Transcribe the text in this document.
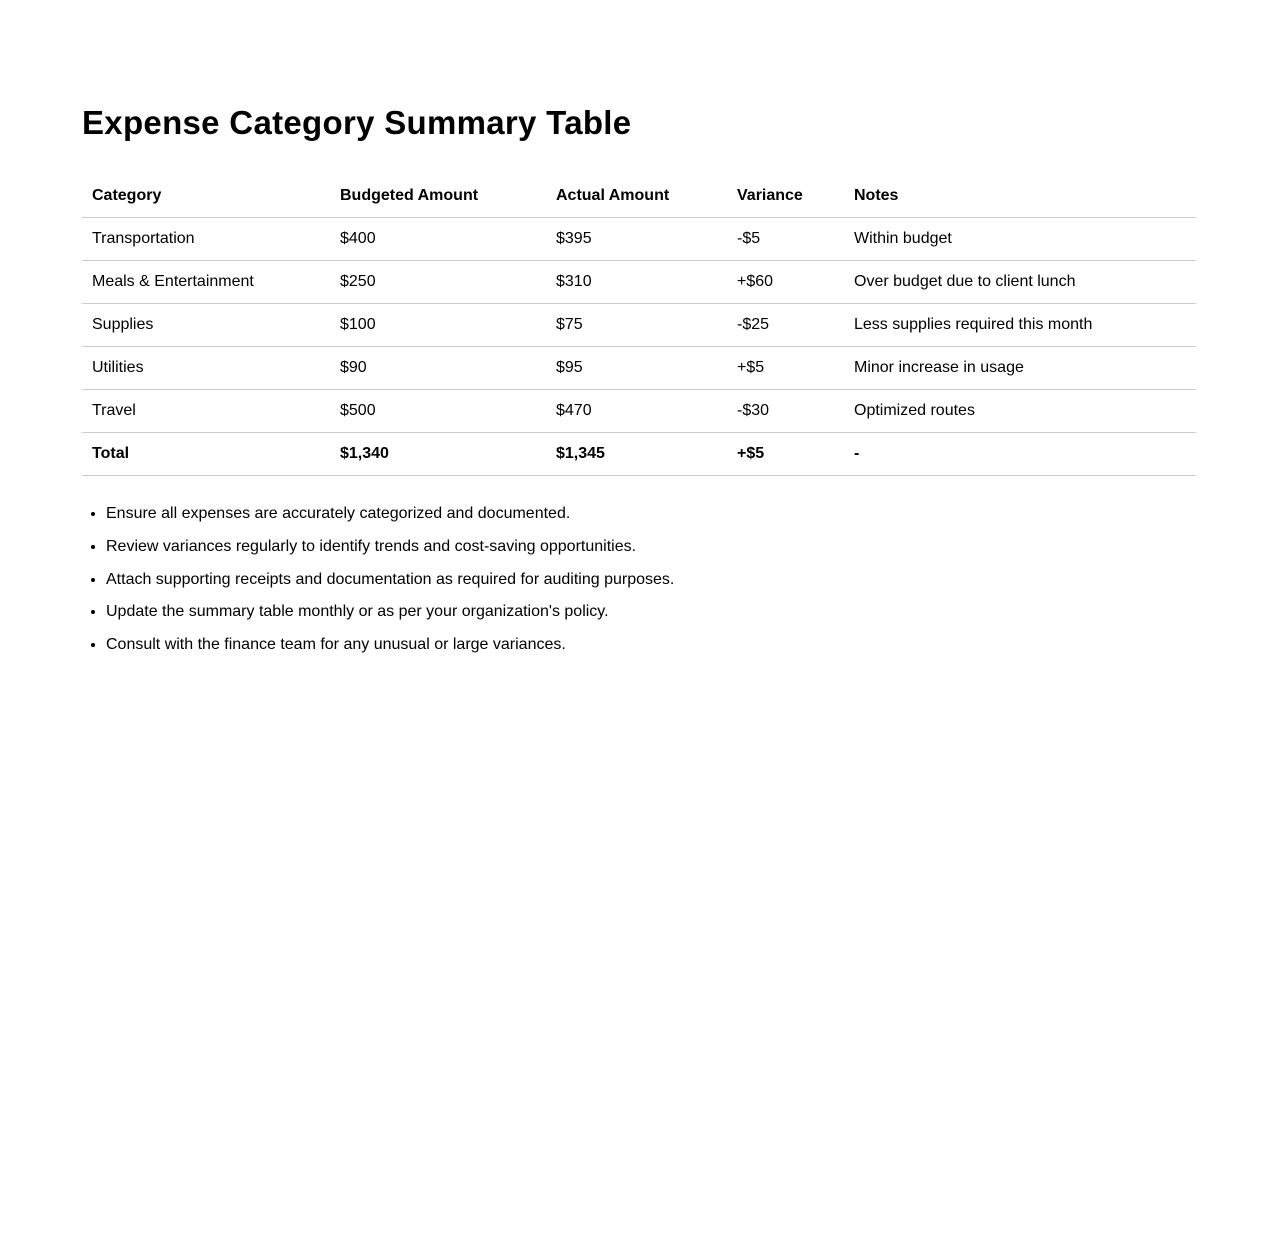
Expense Category Summary Table
Category	Budgeted Amount	Actual Amount	Variance	Notes
Transportation	$400	$395	-$5	Within budget
Meals & Entertainment	$250	$310	+$60	Over budget due to client lunch
Supplies	$100	$75	-$25	Less supplies required this month
Utilities	$90	$95	+$5	Minor increase in usage
Travel	$500	$470	-$30	Optimized routes
Total	$1,340	$1,345	+$5	-
• Ensure all expenses are accurately categorized and documented.
• Review variances regularly to identify trends and cost-saving opportunities.
• Attach supporting receipts and documentation as required for auditing purposes.
• Update the summary table monthly or as per your organization's policy.
• Consult with the finance team for any unusual or large variances.
